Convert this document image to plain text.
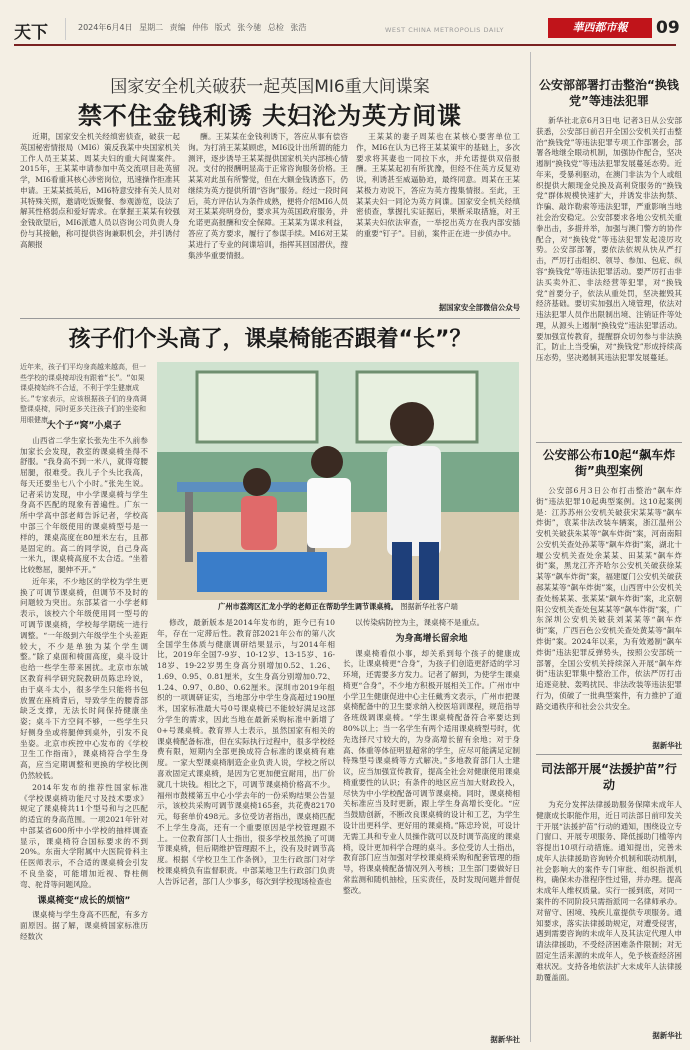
天下	2024年6月4日 星期二 责编 仲伟 版式 张今驰 总检 张浩	WEST CHINA METROPOLIS DAILY	華西都市報	09
国家安全机关破获一起英国MI6重大间谍案
禁不住金钱利诱 夫妇沦为英方间谍

近期，国家安全机关经缜密侦查，破获一起英国秘密情报局（MI6）策反我某中央国家机关工作人员王某某、周某夫妇的重大间谍案件。2015年，王某某申请参加中英交流项目赴英留学，MI6看重其核心涉密岗位，迅速操作拒准其申请。王某某抵英后，MI6特意安排有关人员对其特殊关照，邀请吃饭聚餐、参观游览，设法了解其性格弱点和爱好需求。在掌握王某某有较强金钱欲望后，MI6派遣人员以咨询公司负责人身份与其接触，称可提供咨询兼职机会，并引诱付高额报

酬。王某某在金钱利诱下，答应从事有偿咨询。为打消王某某顾虑，MI6设计出所谓的能力测评，逐步诱导王某某提供国家机关内部核心情况。支付的报酬明显高于正常咨询服务价格。王某某对此虽有所警觉，但在大额金钱诱惑下，仍继续为英方提供所谓“咨询”服务。经过一段时间后，英方评估认为条件成熟，便将介绍MI6人员对王某某亮明身份，要求其为英国政府服务，并允诺更高报酬和安全保障。王某某为谋求利益，答应了英方要求，履行了参谋手续。MI6对王某某进行了专业的间谍培训，指挥其回国潜伏，搜集涉华重要情报。

王某某的妻子周某也在某核心要害单位工作，MI6在认为已将王某某策牢的基础上，多次要求将其妻也一同拉下水，并允诺提供双倍报酬。王某某起初有所犹豫，但经不住英方反复劝说，利诱甚至威逼胁迫，最终同意。周某在王某某极力劝说下，答应为英方搜集情报。至此，王某某夫妇一同沦为英方间谍。国家安全机关经缜密侦查，掌握扎实证据后，果断采取措施，对王某某夫妇依法审查，一举挖出英方在我内部安插的重要“钉子”。目前，案件正在进一步侦办中。

据国家安全部微信公众号
孩子们个头高了，课桌椅能否跟着“长”？
近年来，孩子们平均身高越来越高，但一些学校的课桌椅却没有跟着“长”。“如果课桌椅始终不合适，不利于学生健康成长。”专家表示，应该根据孩子们的身高调整课桌椅，同时更多关注孩子们的坐姿和用眼健康。
广州市荔湾区汇龙小学的老师正在帮助学生调节课桌椅。 图据新华社客户端
大个子“窝”小桌子

山西省二学生家长张先生不久前参加家长会发现，教室的课桌椅坐得不舒服。“我身高不到一米八，就得弯腰屈腿，很难受。我儿子个头比我高，每天还要坐七八个小时。”张先生说。记者采访发现，中小学课桌椅与学生身高不匹配的现象有普遍性。广东一所中学高中部老师告诉记者，学校高中部三个年级使用的课桌椅型号是一样的，课桌高度在80厘米左右，且都是固定的。高二的同学说，自己身高一米九，课桌椅高度不太合适。“坐着比较憋屈，腿伸不开。”

近年来，不少地区的学校为学生更换了可调节课桌椅，但调节不及时的问题较为突出。东部某省一小学老师表示，该校六个年级使用同一型号的可调节课桌椅，学校每学期统一进行调整。“一年级到六年级学生个头差距较大，不少是单独为某个学生调整。”除了桌面和椅面高度，桌斗设计也给一些学生带来困扰。北京市东城区教育科学研究院教研员陈忠玲说，由于桌斗太小，很多学生只能将书包放置在座椅背后，导致学生的腰背部缺乏支撑，无法长时间保持健康坐姿；桌斗下方空间不够，一些学生只好侧身坐或将腿伸到桌外，引发不良坐姿。北京市疾控中心发布的《学校卫生工作指南》，课桌椅符合学生身高，应当定期调整和更换的学校比例仍然较低。

2014年发布的推荐性国家标准《学校课桌椅功能尺寸及技术要求》规定了课桌椅共11个型号和与之匹配的适宜的身高范围。一项2021年针对中部某省600所中小学校的抽样调查显示，课桌椅符合国标要求的不到20%。东南大学附属中大医院骨科主任医师表示，不合适的课桌椅会引发不良坐姿，可能增加近视、脊柱侧弯、驼背等问题风险。

课桌椅变“成长的烦恼”

课桌椅与学生身高不匹配，有多方面原因。据了解，课桌椅国家标准历经数次

修改，最新版本是2014年发布的，距今已有10年，存在一定滞后性。教育部2021年公布的第八次全国学生体质与健康调研结果显示，与2014年相比，2019年全国7-9岁、10-12岁、13-15岁、16-18岁、19-22岁男生身高分别增加0.52、1.26、1.69、0.95、0.81厘米，女生身高分别增加0.72、1.24、0.97、0.80、0.62厘米。深圳市2019年组织的一项调研证实，当地部分中学生身高超过190厘米，国家标准最大号0号课桌椅已不能较好满足这部分学生的需求，因此当地在最新采购标准中新增了0+号课桌椅。教育界人士表示，虽然国家有相关的课桌椅配备标准，但在实际执行过程中，很多学校经费有限，短期内全部更换成符合标准的课桌椅有难度。一家大型课桌椅制造企业负责人说，学校之所以喜欢固定式课桌椅，是因为它更加便宜耐用，出厂价就几十块钱。相比之下，可调节课桌椅价格高不少。福州市鼓楼第五中心小学去年的一份采购结果公告显示，该校共采购可调节课桌椅165套，共花费82170元，每套单价498元。多位受访者指出，课桌椅匹配不上学生身高，还有一个重要原因是学校管理跟不上。一位教育部门人士指出，很多学校虽然换了可调节课桌椅，但后期维护管理跟不上，没有及时调节高度。根据《学校卫生工作条例》，卫生行政部门对学校课桌椅负有监督职责。中部某地卫生行政部门负责人告诉记者，部门人少事多，每次到学校现场检查也

以传染病防控为主，课桌椅不是重点。

为身高增长留余地

课桌椅看似小事，却关系到每个孩子的健康成长，让课桌椅更“合身”，为孩子们创造更舒适的学习环境，还需要多方发力。记者了解到，为使学生课桌椅更“合身”，不少地方积极开展相关工作。广州市中小学卫生健康促进中心主任戴秀文表示，广州市把课桌椅配备中的卫生要求纳入校医培训课程，规范指导各班级调课桌椅。“学生课桌椅配备符合率要达到80%以上；当一名学生有两个适用课桌椅型号时，优先选择尺寸较大的，为身高增长留有余地；对于身高、体重等体征明显超常的学生，应尽可能满足定制特殊型号课桌椅等方式解决。”多地教育部门人士建议，应当加强宣传教育，提高全社会对健康使用课桌椅重要性的认识；有条件的地区应当加大财政投入，尽快为中小学校配备可调节课桌椅。同时，课桌椅相关标准应当及时更新，跟上学生身高增长变化。“应当鼓励创新，不断改良课桌椅的设计和工艺，为学生设计出更科学、更好用的课桌椅。”陈忠玲说，可设计无需工具和专业人员操作就可以及时调节高度的课桌椅，设计更加科学合理的桌斗。多位受访人士指出，教育部门应当加强对学校课桌椅采购和配套管理的指导，将课桌椅配备情况列入考核；卫生部门要做好日常监测和随机抽检，压实责任，及时发现问题并督促整改。

据新华社
公安部部署打击整治“换钱党”等违法犯罪

新华社北京6月3日电 记者3日从公安部获悉，公安部日前召开全国公安机关打击整治“换钱党”等违法犯罪专项工作部署会，部署各地继全眼动机制，加强协作配合，坚决遏制“换钱党”等违法犯罪发展蔓延态势。近年来，受暴利驱动，在澳门非法为个人或组织提供大额现金兑换及高利贷服务的“换钱党”群体规模快速扩大，并诱发非法拘禁、诈骗、敲诈勒索等违法犯罪，严重影响当地社会治安稳定。公安部要求各地公安机关重拳出击，多措并举，加强与澳门警方的协作配合，对“换钱党”等违法犯罪发起凌厉攻势。公安部部署，要依法依规从快从严打击，严厉打击组织、领导、参加、包庇、纵容“换钱党”等违法犯罪活动。要严厉打击非法买卖外汇、非法经营等犯罪，对“换钱党”首要分子，依法从重处罚，坚决摧毁其经济基础。要切实加强出入境管理，依法对违法犯罪人员作出限制出境、注销证件等处理，从源头上遏制“换钱党”违法犯罪活动。要加强宣传教育，提醒群众切勿参与非法换汇，防止上当受骗，对“换钱党”形成持续高压态势，坚决遏制其违法犯罪发展蔓延。

公安部公布10起“飙车炸街”典型案例

公安部6月3日公布打击整治“飙车炸街”违法犯罪10起典型案例。这10起案例是：江苏苏州公安机关破获宋某某等“飙车炸街”，袁某非法改装车辆案，浙江温州公安机关破获朱某等“飙车炸街”案，河南南阳公安机关查处孙某等“飙车炸街”案，湖北十堰公安机关查处余某某、田某某“飙车炸街”案，黑龙江齐齐哈尔公安机关破获徐某某等“飙车炸街”案，福建厦门公安机关破获郝某某等“飙车炸街”案，山西晋中公安机关查处杨某某、张某某“飙车炸街”案，北京朝阳公安机关查处包某某等“飙车炸街”案，广东深圳公安机关破获刘某某等“飙车炸街”案，广西百色公安机关查处黄某等“飙车炸街”案。2024年以来，为有效遏制“飙车炸街”违法犯罪反弹势头，按照公安部统一部署，全国公安机关持续深入开展“飙车炸街”违法犯罪集中整治工作，依法严厉打击追逐竞驶、轰鸣扰民、非法改装等违法犯罪行为，侦破了一批典型案件，有力推护了道路交通秩序和社会公共安全。

据新华社
司法部开展“法援护苗”行动

为充分发挥法律援助服务保障未成年人健康成长职能作用，近日司法部日前印发关于开展“法援护苗”行动的通知，围绕设立专门窗口、开展专项服务、降低援助门槛等内容提出10项行动措施。通知提出，完善未成年人法律援助咨询转介机制和联动机制，社会影响大的案件专门审批、组织指派机构，确保未办准程序性过错，并办理。提高未成年人维权质量。实行一援到底，对同一案件的不同阶段只需指派同一名律师承办。对留守、困境、残疾儿童提供专项服务。通知要求，落实法律援助规定，对遭受侵害，遇到需要咨询的未成年人及其法定代理人申请法律援助，不受经济困难条件限制；对无固定生活来源的未成年人，免予核查经济困难状况。支持各地依法扩大未成年人法律援助覆盖面。

据新华社
